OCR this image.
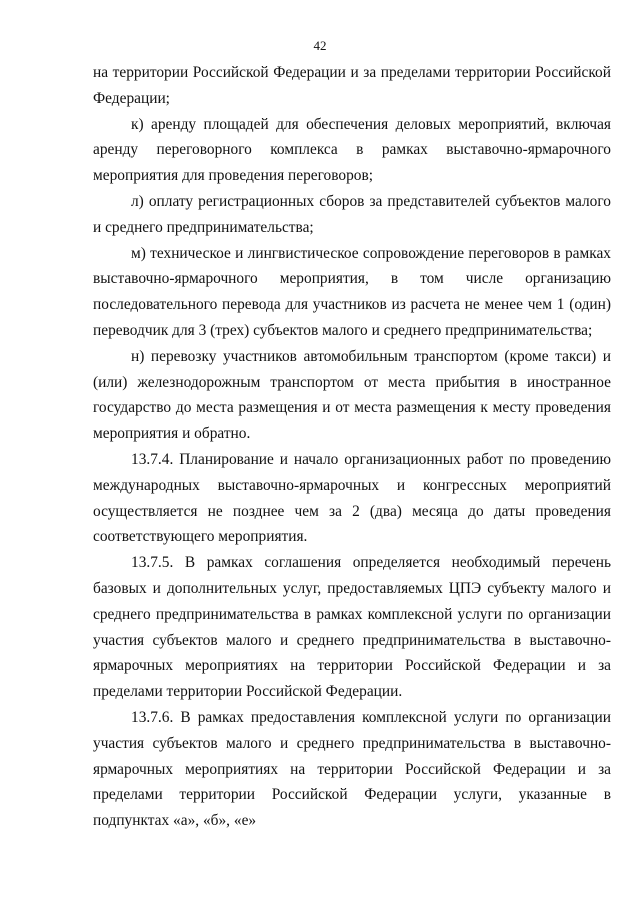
42

на территории Российской Федерации и за пределами территории Российской Федерации;

к) аренду площадей для обеспечения деловых мероприятий, включая аренду переговорного комплекса в рамках выставочно-ярмарочного мероприятия для проведения переговоров;

л) оплату регистрационных сборов за представителей субъектов малого и среднего предпринимательства;

м) техническое и лингвистическое сопровождение переговоров в рамках выставочно-ярмарочного мероприятия, в том числе организацию последовательного перевода для участников из расчета не менее чем 1 (один) переводчик для 3 (трех) субъектов малого и среднего предпринимательства;

н) перевозку участников автомобильным транспортом (кроме такси) и (или) железнодорожным транспортом от места прибытия в иностранное государство до места размещения и от места размещения к месту проведения мероприятия и обратно.

13.7.4. Планирование и начало организационных работ по проведению международных выставочно-ярмарочных и конгрессных мероприятий осуществляется не позднее чем за 2 (два) месяца до даты проведения соответствующего мероприятия.

13.7.5. В рамках соглашения определяется необходимый перечень базовых и дополнительных услуг, предоставляемых ЦПЭ субъекту малого и среднего предпринимательства в рамках комплексной услуги по организации участия субъектов малого и среднего предпринимательства в выставочно-ярмарочных мероприятиях на территории Российской Федерации и за пределами территории Российской Федерации.

13.7.6. В рамках предоставления комплексной услуги по организации участия субъектов малого и среднего предпринимательства в выставочно-ярмарочных мероприятиях на территории Российской Федерации и за пределами территории Российской Федерации услуги, указанные в подпунктах «а», «б», «е»
